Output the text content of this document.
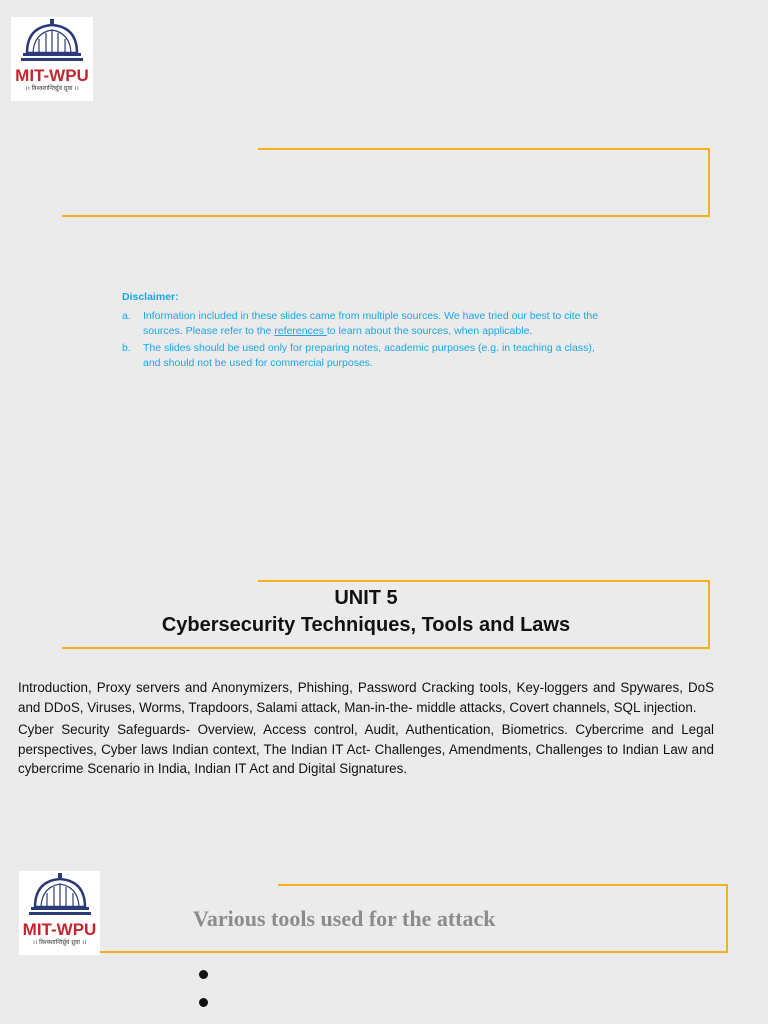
MIT-WPU
।। विश्वशान्तिर्ध्रुवं ध्रुवा ।।
Disclaimer:
a.	Information included in these slides came from multiple sources. We have tried our best to cite the sources. Please refer to the references to learn about the sources, when applicable.
b.	The slides should be used only for preparing notes, academic purposes (e.g. in teaching a class), and should not be used for commercial purposes.
UNIT 5
Cybersecurity Techniques, Tools and Laws

Introduction, Proxy servers and Anonymizers, Phishing, Password Cracking tools, Key-loggers and Spywares, DoS and DDoS, Viruses, Worms, Trapdoors, Salami attack, Man-in-the- middle attacks, Covert channels, SQL injection.

Cyber Security Safeguards- Overview, Access control, Audit, Authentication, Biometrics. Cybercrime and Legal perspectives, Cyber laws Indian context, The Indian IT Act- Challenges, Amendments, Challenges to Indian Law and cybercrime Scenario in India, Indian IT Act and Digital Signatures.

MIT-WPU
।। विश्वशान्तिर्ध्रुवं ध्रुवा ।।
Various tools used for the attack
